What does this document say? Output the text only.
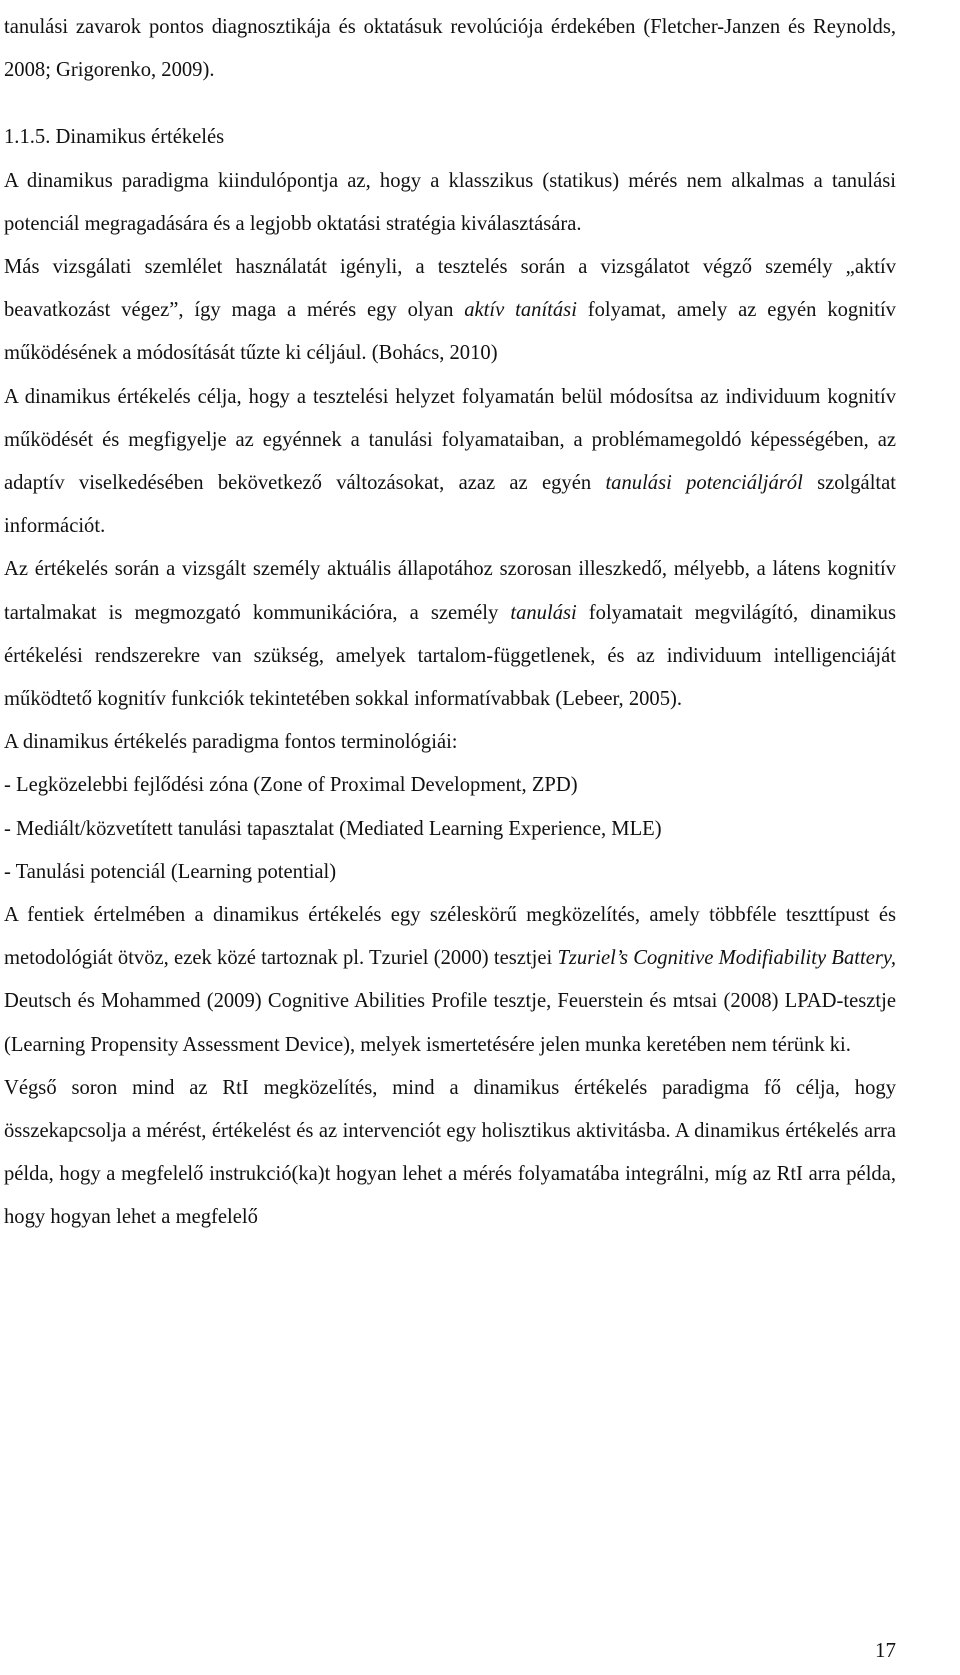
tanulási zavarok pontos diagnosztikája és oktatásuk revolúciója érdekében (Fletcher-Janzen és Reynolds, 2008; Grigorenko, 2009).

1.1.5. Dinamikus értékelés

A dinamikus paradigma kiindulópontja az, hogy a klasszikus (statikus) mérés nem alkalmas a tanulási potenciál megragadására és a legjobb oktatási stratégia kiválasztására.

Más vizsgálati szemlélet használatát igényli, a tesztelés során a vizsgálatot végző személy „aktív beavatkozást végez”, így maga a mérés egy olyan aktív tanítási folyamat, amely az egyén kognitív működésének a módosítását tűzte ki céljául. (Bohács, 2010)

A dinamikus értékelés célja, hogy a tesztelési helyzet folyamatán belül módosítsa az individuum kognitív működését és megfigyelje az egyénnek a tanulási folyamataiban, a problémamegoldó képességében, az adaptív viselkedésében bekövetkező változásokat, azaz az egyén tanulási potenciáljáról szolgáltat információt.

Az értékelés során a vizsgált személy aktuális állapotához szorosan illeszkedő, mélyebb, a látens kognitív tartalmakat is megmozgató kommunikációra, a személy tanulási folyamatait megvilágító, dinamikus értékelési rendszerekre van szükség, amelyek tartalom-függetlenek, és az individuum intelligenciáját működtető kognitív funkciók tekintetében sokkal informatívabbak (Lebeer, 2005).

A dinamikus értékelés paradigma fontos terminológiái:

- Legközelebbi fejlődési zóna (Zone of Proximal Development, ZPD)

- Mediált/közvetített tanulási tapasztalat (Mediated Learning Experience, MLE)

- Tanulási potenciál (Learning potential)

A fentiek értelmében a dinamikus értékelés egy széleskörű megközelítés, amely többféle teszttípust és metodológiát ötvöz, ezek közé tartoznak pl. Tzuriel (2000) tesztjei Tzuriel’s Cognitive Modifiability Battery, Deutsch és Mohammed (2009) Cognitive Abilities Profile tesztje, Feuerstein és mtsai (2008) LPAD-tesztje (Learning Propensity Assessment Device), melyek ismertetésére jelen munka keretében nem térünk ki.

Végső soron mind az RtI megközelítés, mind a dinamikus értékelés paradigma fő célja, hogy összekapcsolja a mérést, értékelést és az intervenciót egy holisztikus aktivitásba. A dinamikus értékelés arra példa, hogy a megfelelő instrukció(ka)t hogyan lehet a mérés folyamatába integrálni, míg az RtI arra példa, hogy hogyan lehet a megfelelő

17
